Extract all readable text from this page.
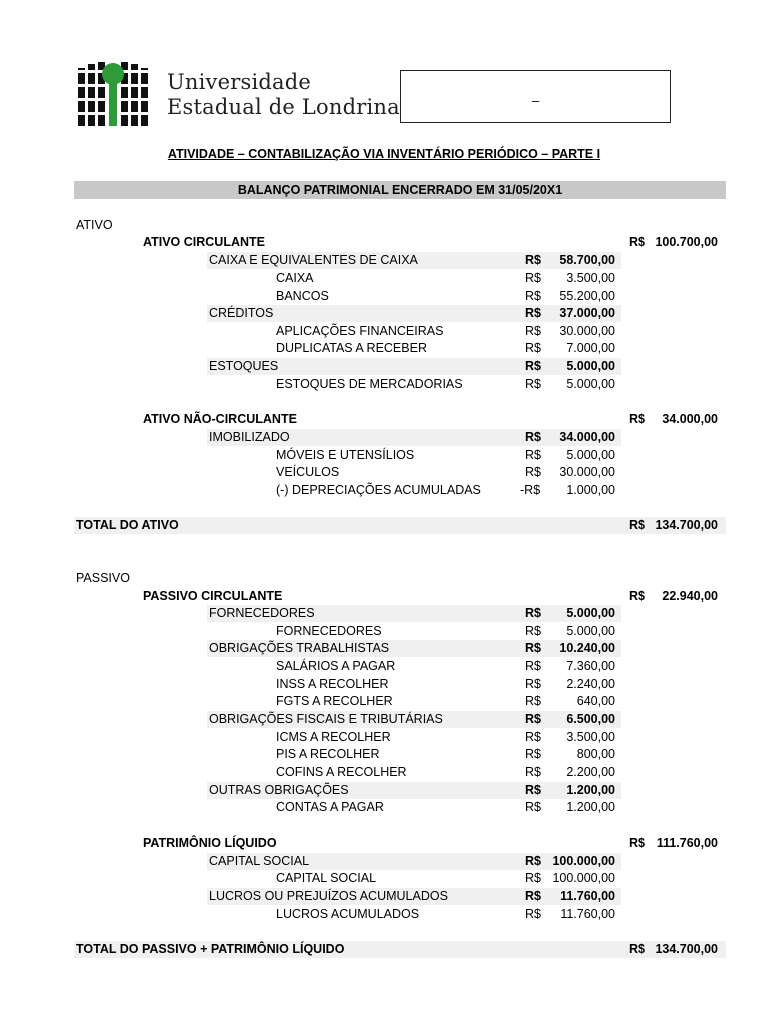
Universidade
Estadual de Londrina	–
ATIVIDADE – CONTABILIZAÇÃO VIA INVENTÁRIO PERIÓDICO – PARTE I
BALANÇO PATRIMONIAL ENCERRADO EM 31/05/20X1
ATIVO
ATIVO CIRCULANTE	R$ 100.700,00
CAIXA E EQUIVALENTES DE CAIXA	R$	58.700,00
CAIXA	R$	3.500,00
BANCOS	R$	55.200,00
CRÉDITOS	R$	37.000,00
APLICAÇÕES FINANCEIRAS	R$	30.000,00
DUPLICATAS A RECEBER	R$	7.000,00
ESTOQUES	R$	5.000,00
ESTOQUES DE MERCADORIAS	R$	5.000,00
ATIVO NÃO-CIRCULANTE	R$	34.000,00
IMOBILIZADO	R$	34.000,00
MÓVEIS E UTENSÍLIOS	R$	5.000,00
VEÍCULOS	R$	30.000,00
(-) DEPRECIAÇÕES ACUMULADAS	-R$	1.000,00
TOTAL DO ATIVO	R$ 134.700,00
PASSIVO
PASSIVO CIRCULANTE	R$	22.940,00
FORNECEDORES	R$	5.000,00
FORNECEDORES	R$	5.000,00
OBRIGAÇÕES TRABALHISTAS	R$	10.240,00
SALÁRIOS A PAGAR	R$	7.360,00
INSS A RECOLHER	R$	2.240,00
FGTS A RECOLHER	R$	640,00
OBRIGAÇÕES FISCAIS E TRIBUTÁRIAS	R$	6.500,00
ICMS A RECOLHER	R$	3.500,00
PIS A RECOLHER	R$	800,00
COFINS A RECOLHER	R$	2.200,00
OUTRAS OBRIGAÇÕES	R$	1.200,00
CONTAS A PAGAR	R$	1.200,00
PATRIMÔNIO LÍQUIDO	R$ 111.760,00
CAPITAL SOCIAL	R$ 100.000,00
CAPITAL SOCIAL	R$ 100.000,00
LUCROS OU PREJUÍZOS ACUMULADOS	R$	11.760,00
LUCROS ACUMULADOS	R$	11.760,00
TOTAL DO PASSIVO + PATRIMÔNIO LÍQUIDO	R$ 134.700,00
